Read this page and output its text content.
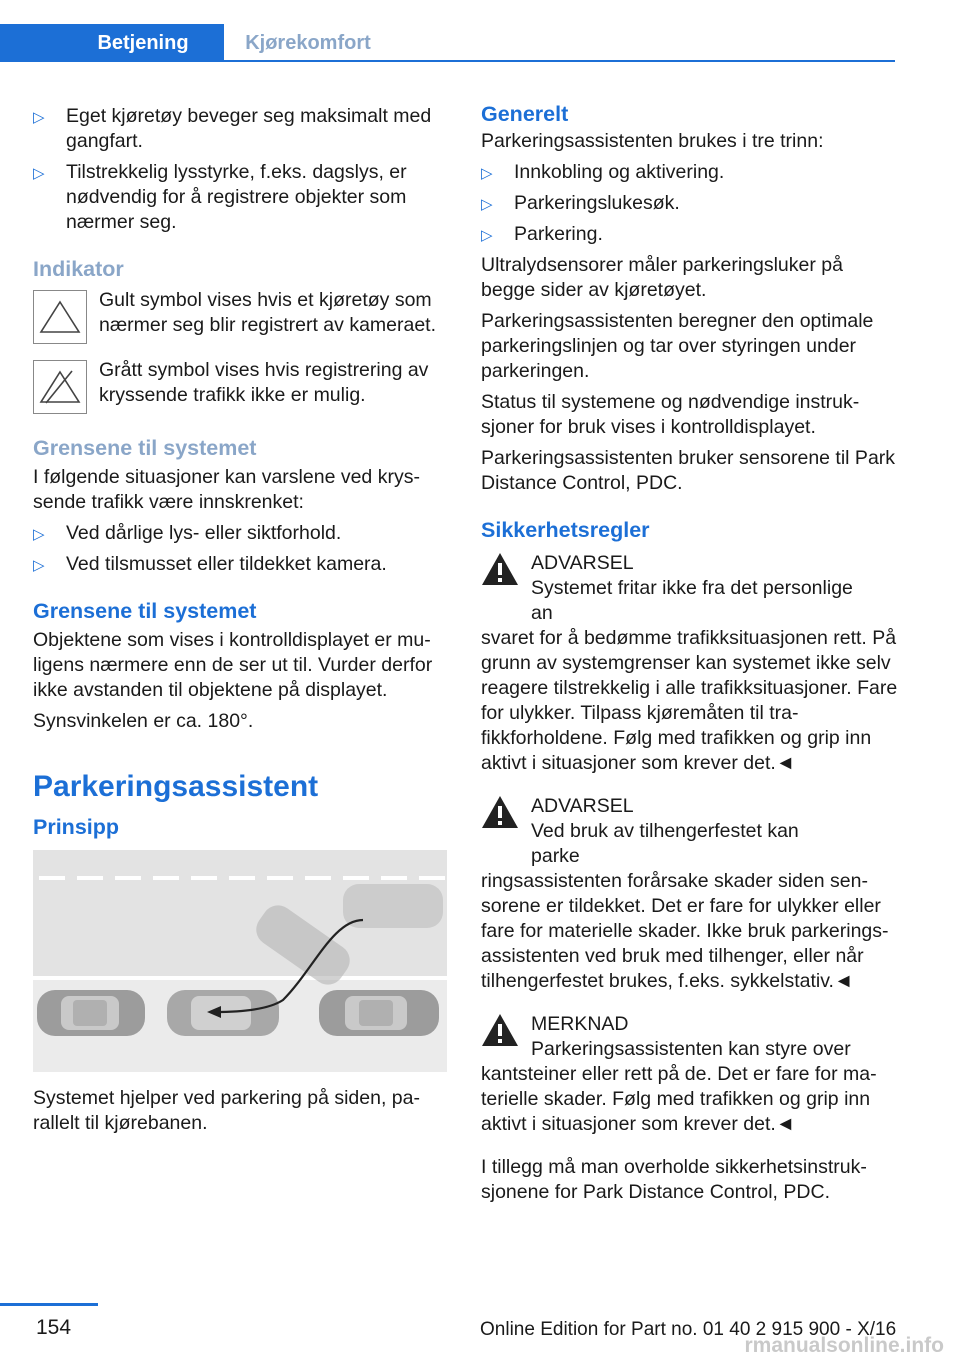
Betjening	Kjørekomfort
▷ Eget kjøretøy beveger seg maksimalt med gangfart.
▷ Tilstrekkelig lysstyrke, f.eks. dagslys, er nødvendig for å registrere objekter som nærmer seg.
Indikator
Gult symbol vises hvis et kjøretøy som nærmer seg blir registrert av kameraet.
Grått symbol vises hvis registrering av kryssende trafikk ikke er mulig.
Grensene til systemet

I følgende situasjoner kan varslene ved kryssende trafikk være innskrenket:

▷ Ved dårlige lys- eller siktforhold.
▷ Ved tilsmusset eller tildekket kamera.
Grensene til systemet

Objektene som vises i kontrolldisplayet er muligens nærmere enn de ser ut til. Vurder derfor ikke avstanden til objektene på displayet.

Synsvinkelen er ca. 180°.

Parkeringsassistent
Prinsipp

Systemet hjelper ved parkering på siden, parallelt til kjørebanen.

Generelt

Parkeringsassistenten brukes i tre trinn:

▷ Innkobling og aktivering.
▷ Parkeringslukesøk.
▷ Parkering.

Ultralydsensorer måler parkeringsluker på begge sider av kjøretøyet.

Parkeringsassistenten beregner den optimale parkeringslinjen og tar over styringen under parkeringen.

Status til systemene og nødvendige instruksjoner for bruk vises i kontrolldisplayet.

Parkeringsassistenten bruker sensorene til Park Distance Control, PDC.

Sikkerhetsregler
ADVARSEL
Systemet fritar ikke fra det personlige an
svaret for å bedømme trafikksituasjonen rett. På grunn av systemgrenser kan systemet ikke selv reagere tilstrekkelig i alle trafikksituasjoner. Fare for ulykker. Tilpass kjøremåten til trafikkforholdene. Følg med trafikken og grip inn aktivt i situasjoner som krever det.◄
ADVARSEL
Ved bruk av tilhengerfestet kan parke
ringsassistenten forårsake skader siden sensorene er tildekket. Det er fare for ulykker eller fare for materielle skader. Ikke bruk parkeringsassistenten ved bruk med tilhenger, eller når tilhengerfestet brukes, f.eks. sykkelstativ.◄
MERKNAD
Parkeringsassistenten kan styre over
kantsteiner eller rett på de. Det er fare for materielle skader. Følg med trafikken og grip inn aktivt i situasjoner som krever det.◄

I tillegg må man overholde sikkerhetsinstruksjonene for Park Distance Control, PDC.

154	Online Edition for Part no. 01 40 2 915 900 - X/16
rmanualsonline.info
